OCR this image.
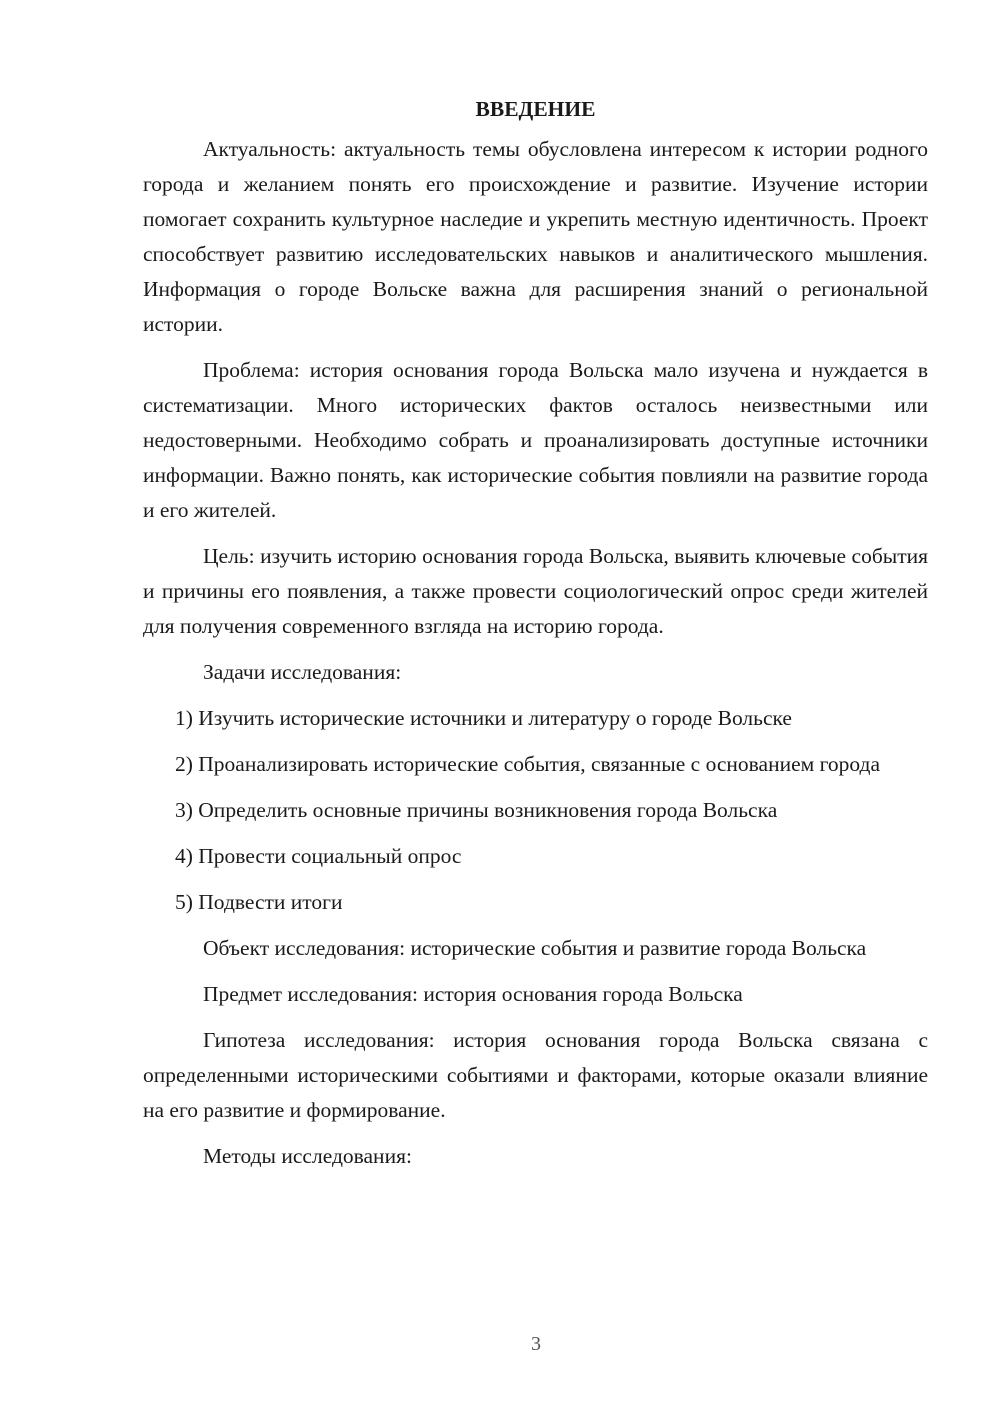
ВВЕДЕНИЕ

Актуальность: актуальность темы обусловлена интересом к истории родного города и желанием понять его происхождение и развитие. Изучение истории помогает сохранить культурное наследие и укрепить местную идентичность. Проект способствует развитию исследовательских навыков и аналитического мышления. Информация о городе Вольске важна для расширения знаний о региональной истории.

Проблема: история основания города Вольска мало изучена и нуждается в систематизации. Много исторических фактов осталось неизвестными или недостоверными. Необходимо собрать и проанализировать доступные источники информации. Важно понять, как исторические события повлияли на развитие города и его жителей.

Цель: изучить историю основания города Вольска, выявить ключевые события и причины его появления, а также провести социологический опрос среди жителей для получения современного взгляда на историю города.

Задачи исследования:

1) Изучить исторические источники и литературу о городе Вольске

2) Проанализировать исторические события, связанные с основанием города

3) Определить основные причины возникновения города Вольска

4) Провести социальный опрос

5) Подвести итоги

Объект исследования: исторические события и развитие города Вольска

Предмет исследования: история основания города Вольска

Гипотеза исследования: история основания города Вольска связана с определенными историческими событиями и факторами, которые оказали влияние на его развитие и формирование.

Методы исследования:

3
